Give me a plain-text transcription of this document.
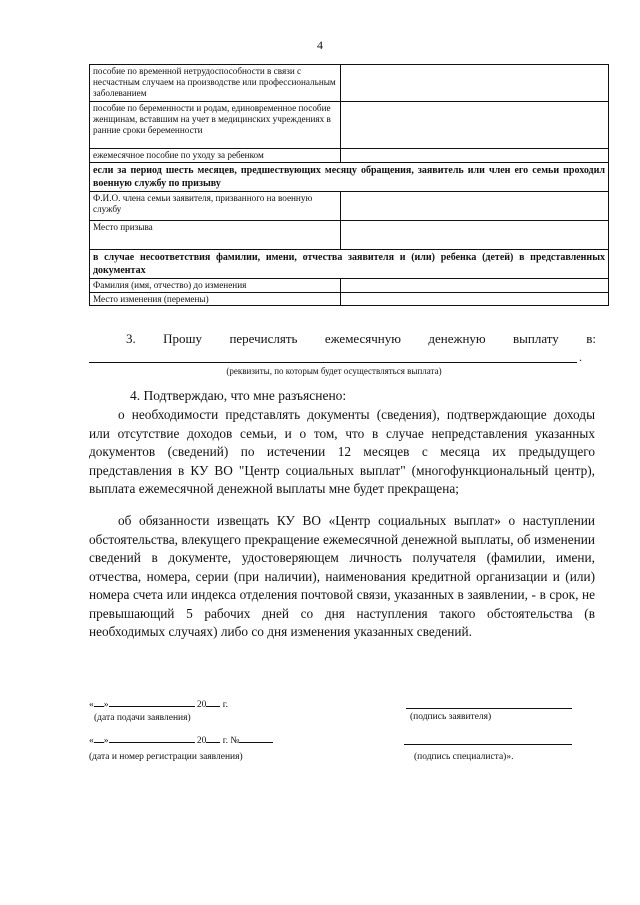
4
пособие по временной нетрудоспособности в связи с несчастным случаем на производстве или профессиональным заболеванием	
пособие по беременности и родам, единовременное пособие женщинам, вставшим на учет в медицинских учреждениях в ранние сроки беременности	
ежемесячное пособие по уходу за ребенком	
если за период шесть месяцев, предшествующих месяцу обращения, заявитель или член его семьи проходил военную службу по призыву	
Ф.И.О. члена семьи заявителя, призванного на военную службу	
Место призыва	
в случае несоответствия фамилии, имени, отчества заявителя и (или) ребенка (детей) в представленных документах	
Фамилия (имя, отчество) до изменения	
Место изменения (перемены)	
3. Прошу перечислять ежемесячную денежную выплату в:
.
(реквизиты, по которым будет осуществляться выплата)
4. Подтверждаю, что мне разъяснено:
о необходимости представлять документы (сведения), подтверждающие доходы или отсутствие доходов семьи, и о том, что в случае непредставления указанных документов (сведений) по истечении 12 месяцев с месяца их предыдущего представления в КУ ВО "Центр социальных выплат" (многофункциональный центр), выплата ежемесячной денежной выплаты мне будет прекращена;
об обязанности извещать КУ ВО «Центр социальных выплат» о наступлении обстоятельства, влекущего прекращение ежемесячной денежной выплаты, об изменении сведений в документе, удостоверяющем личность получателя (фамилии, имени, отчества, номера, серии (при наличии), наименования кредитной организации и (или) номера счета или индекса отделения почтовой связи, указанных в заявлении, - в срок, не превышающий 5 рабочих дней со дня наступления такого обстоятельства (в необходимых случаях) либо со дня изменения указанных сведений.
« »	20 г.
(дата подачи заявления)	(подпись заявителя)
« »	20 г. №
(дата и номер регистрации заявления)	(подпись специалиста)».
